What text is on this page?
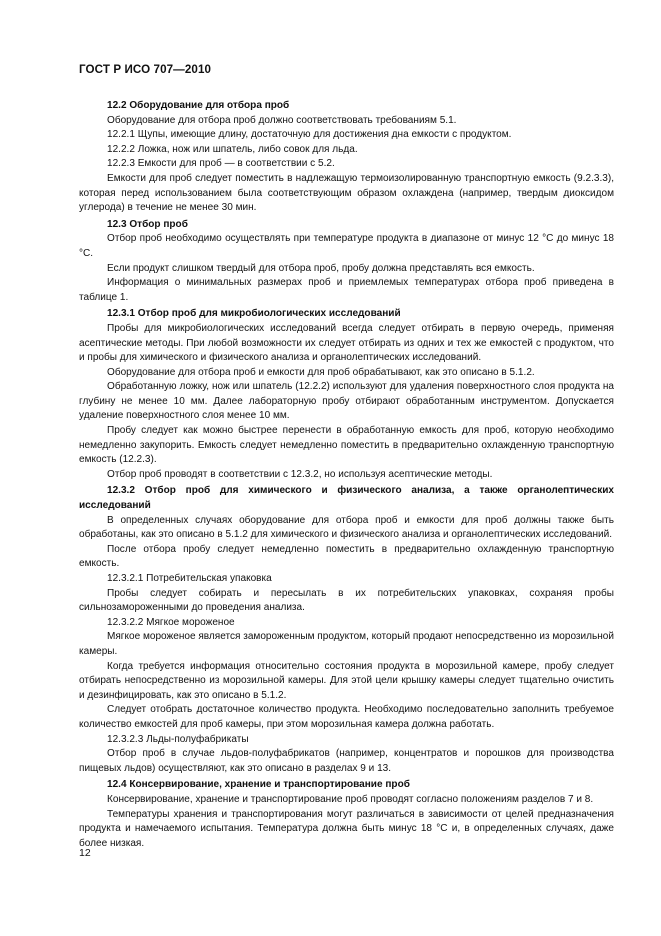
ГОСТ Р ИСО 707—2010

12.2 Оборудование для отбора проб

Оборудование для отбора проб должно соответствовать требованиям 5.1.

12.2.1 Щупы, имеющие длину, достаточную для достижения дна емкости с продуктом.

12.2.2 Ложка, нож или шпатель, либо совок для льда.

12.2.3 Емкости для проб — в соответствии с 5.2.

Емкости для проб следует поместить в надлежащую термоизолированную транспортную емкость (9.2.3.3), которая перед использованием была соответствующим образом охлаждена (например, твердым диоксидом углерода) в течение не менее 30 мин.

12.3 Отбор проб

Отбор проб необходимо осуществлять при температуре продукта в диапазоне от минус 12 °С до минус 18 °С.

Если продукт слишком твердый для отбора проб, пробу должна представлять вся емкость.

Информация о минимальных размерах проб и приемлемых температурах отбора проб приведена в таблице 1.

12.3.1 Отбор проб для микробиологических исследований

Пробы для микробиологических исследований всегда следует отбирать в первую очередь, применяя асептические методы. При любой возможности их следует отбирать из одних и тех же емкостей с продуктом, что и пробы для химического и физического анализа и органолептических исследований.

Оборудование для отбора проб и емкости для проб обрабатывают, как это описано в 5.1.2.

Обработанную ложку, нож или шпатель (12.2.2) используют для удаления поверхностного слоя продукта на глубину не менее 10 мм. Далее лабораторную пробу отбирают обработанным инструментом. Допускается удаление поверхностного слоя менее 10 мм.

Пробу следует как можно быстрее перенести в обработанную емкость для проб, которую необходимо немедленно закупорить. Емкость следует немедленно поместить в предварительно охлажденную транспортную емкость (12.2.3).

Отбор проб проводят в соответствии с 12.3.2, но используя асептические методы.

12.3.2 Отбор проб для химического и физического анализа, а также органолептических исследований

В определенных случаях оборудование для отбора проб и емкости для проб должны также быть обработаны, как это описано в 5.1.2 для химического и физического анализа и органолептических исследований.

После отбора пробу следует немедленно поместить в предварительно охлажденную транспортную емкость.

12.3.2.1 Потребительская упаковка

Пробы следует собирать и пересылать в их потребительских упаковках, сохраняя пробы сильнозамороженными до проведения анализа.

12.3.2.2 Мягкое мороженое

Мягкое мороженое является замороженным продуктом, который продают непосредственно из морозильной камеры.

Когда требуется информация относительно состояния продукта в морозильной камере, пробу следует отбирать непосредственно из морозильной камеры. Для этой цели крышку камеры следует тщательно очистить и дезинфицировать, как это описано в 5.1.2.

Следует отобрать достаточное количество продукта. Необходимо последовательно заполнить требуемое количество емкостей для проб камеры, при этом морозильная камера должна работать.

12.3.2.3 Льды-полуфабрикаты

Отбор проб в случае льдов-полуфабрикатов (например, концентратов и порошков для производства пищевых льдов) осуществляют, как это описано в разделах 9 и 13.

12.4 Консервирование, хранение и транспортирование проб

Консервирование, хранение и транспортирование проб проводят согласно положениям разделов 7 и 8.

Температуры хранения и транспортирования могут различаться в зависимости от целей предназначения продукта и намечаемого испытания. Температура должна быть минус 18 °С и, в определенных случаях, даже более низкая.

12
